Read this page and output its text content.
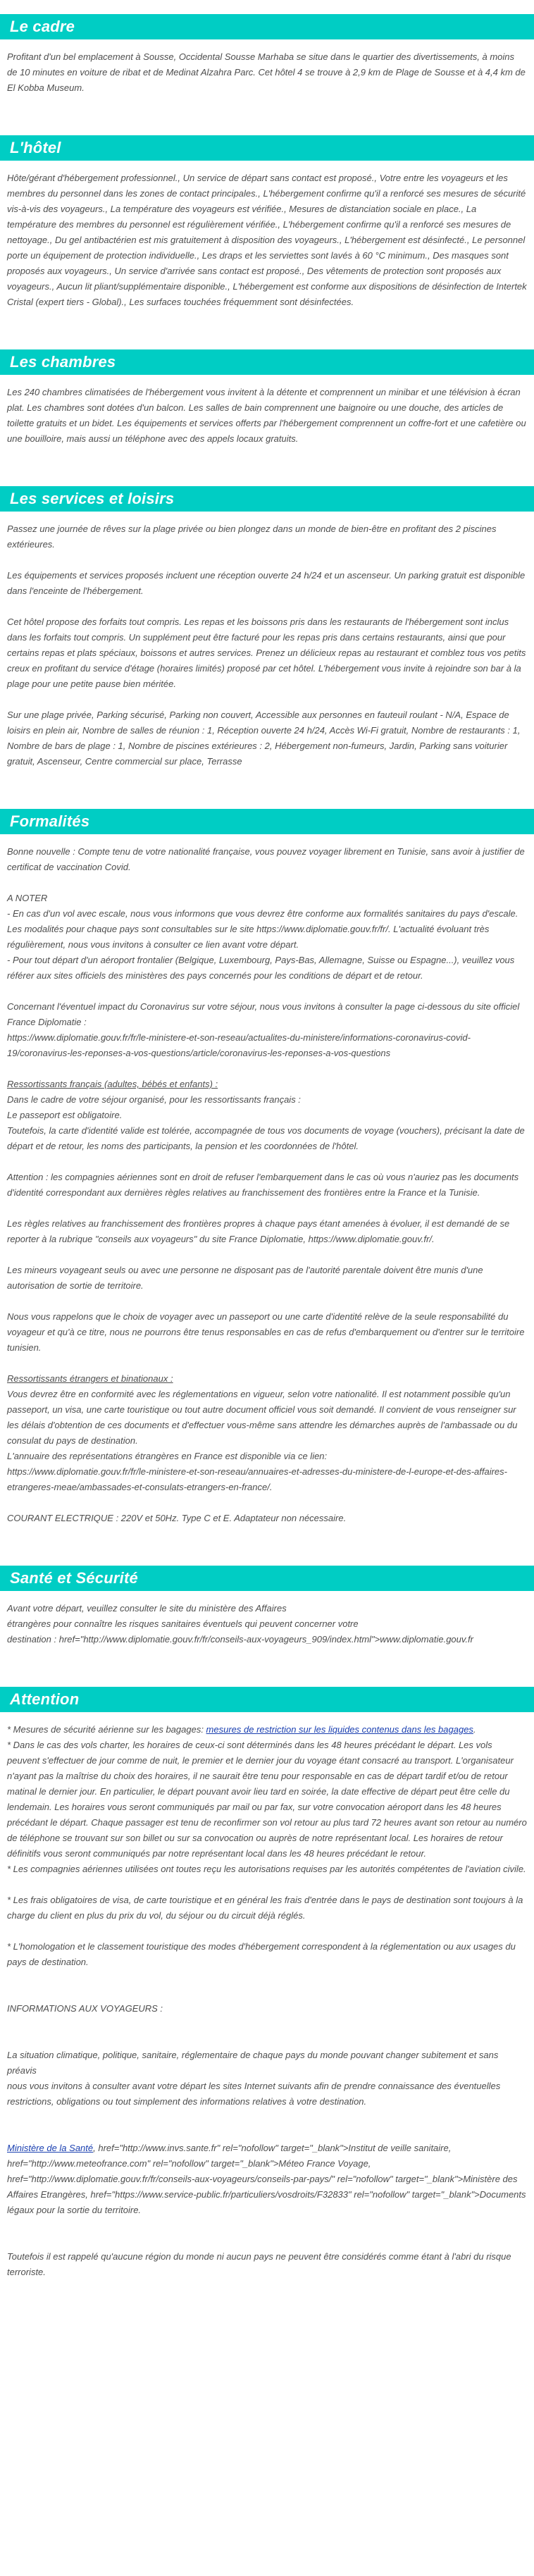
Le cadre

Profitant d'un bel emplacement à Sousse, Occidental Sousse Marhaba se situe dans le quartier des divertissements, à moins de 10 minutes en voiture de ribat et de Medinat Alzahra Parc. Cet hôtel 4 se trouve à 2,9 km de Plage de Sousse et à 4,4 km de El Kobba Museum.

L'hôtel

Hôte/gérant d'hébergement professionnel., Un service de départ sans contact est proposé., Votre entre les voyageurs et les membres du personnel dans les zones de contact principales., L'hébergement confirme qu'il a renforcé ses mesures de sécurité vis-à-vis des voyageurs., La température des voyageurs est vérifiée., Mesures de distanciation sociale en place., La température des membres du personnel est régulièrement vérifiée., L'hébergement confirme qu'il a renforcé ses mesures de nettoyage., Du gel antibactérien est mis gratuitement à disposition des voyageurs., L'hébergement est désinfecté., Le personnel porte un équipement de protection individuelle., Les draps et les serviettes sont lavés à 60 °C minimum., Des masques sont proposés aux voyageurs., Un service d'arrivée sans contact est proposé., Des vêtements de protection sont proposés aux voyageurs., Aucun lit pliant/supplémentaire disponible., L'hébergement est conforme aux dispositions de désinfection de Intertek Cristal (expert tiers - Global)., Les surfaces touchées fréquemment sont désinfectées.

Les chambres

Les 240 chambres climatisées de l'hébergement vous invitent à la détente et comprennent un minibar et une télévision à écran plat. Les chambres sont dotées d'un balcon. Les salles de bain comprennent une baignoire ou une douche, des articles de toilette gratuits et un bidet. Les équipements et services offerts par l'hébergement comprennent un coffre-fort et une cafetière ou une bouilloire, mais aussi un téléphone avec des appels locaux gratuits.

Les services et loisirs

Passez une journée de rêves sur la plage privée ou bien plongez dans un monde de bien-être en profitant des 2 piscines extérieures.

Les équipements et services proposés incluent une réception ouverte 24 h/24 et un ascenseur. Un parking gratuit est disponible dans l'enceinte de l'hébergement.

Cet hôtel propose des forfaits tout compris. Les repas et les boissons pris dans les restaurants de l'hébergement sont inclus dans les forfaits tout compris. Un supplément peut être facturé pour les repas pris dans certains restaurants, ainsi que pour certains repas et plats spéciaux, boissons et autres services. Prenez un délicieux repas au restaurant et comblez tous vos petits creux en profitant du service d'étage (horaires limités) proposé par cet hôtel. L'hébergement vous invite à rejoindre son bar à la plage pour une petite pause bien méritée.

Sur une plage privée, Parking sécurisé, Parking non couvert, Accessible aux personnes en fauteuil roulant - N/A, Espace de loisirs en plein air, Nombre de salles de réunion : 1, Réception ouverte 24 h/24, Accès Wi-Fi gratuit, Nombre de restaurants : 1, Nombre de bars de plage : 1, Nombre de piscines extérieures : 2, Hébergement non-fumeurs, Jardin, Parking sans voiturier gratuit, Ascenseur, Centre commercial sur place, Terrasse

Formalités

Bonne nouvelle : Compte tenu de votre nationalité française, vous pouvez voyager librement en Tunisie, sans avoir à justifier de certificat de vaccination Covid.

A NOTER
- En cas d'un vol avec escale, nous vous informons que vous devrez être conforme aux formalités sanitaires du pays d'escale.
Les modalités pour chaque pays sont consultables sur le site https://www.diplomatie.gouv.fr/fr/. L'actualité évoluant très régulièrement, nous vous invitons à consulter ce lien avant votre départ.
- Pour tout départ d'un aéroport frontalier (Belgique, Luxembourg, Pays-Bas, Allemagne, Suisse ou Espagne...), veuillez vous référer aux sites officiels des ministères des pays concernés pour les conditions de départ et de retour.

Concernant l'éventuel impact du Coronavirus sur votre séjour, nous vous invitons à consulter la page ci-dessous du site officiel France Diplomatie :
https://www.diplomatie.gouv.fr/fr/le-ministere-et-son-reseau/actualites-du-ministere/informations-coronavirus-covid-19/coronavirus-les-reponses-a-vos-questions/article/coronavirus-les-reponses-a-vos-questions

Ressortissants français (adultes, bébés et enfants) :
Dans le cadre de votre séjour organisé, pour les ressortissants français :
Le passeport est obligatoire.
Toutefois, la carte d'identité valide est tolérée, accompagnée de tous vos documents de voyage (vouchers), précisant la date de départ et de retour, les noms des participants, la pension et les coordonnées de l'hôtel.

Attention : les compagnies aériennes sont en droit de refuser l'embarquement dans le cas où vous n'auriez pas les documents d'identité correspondant aux dernières règles relatives au franchissement des frontières entre la France et la Tunisie.

Les règles relatives au franchissement des frontières propres à chaque pays étant amenées à évoluer, il est demandé de se reporter à la rubrique "conseils aux voyageurs" du site France Diplomatie, https://www.diplomatie.gouv.fr/.

Les mineurs voyageant seuls ou avec une personne ne disposant pas de l'autorité parentale doivent être munis d'une autorisation de sortie de territoire.

Nous vous rappelons que le choix de voyager avec un passeport ou une carte d'identité relève de la seule responsabilité du voyageur et qu'à ce titre, nous ne pourrons être tenus responsables en cas de refus d'embarquement ou d'entrer sur le territoire tunisien.

Ressortissants étrangers et binationaux :
Vous devrez être en conformité avec les réglementations en vigueur, selon votre nationalité. Il est notamment possible qu'un passeport, un visa, une carte touristique ou tout autre document officiel vous soit demandé. Il convient de vous renseigner sur les délais d'obtention de ces documents et d'effectuer vous-même sans attendre les démarches auprès de l'ambassade ou du consulat du pays de destination.
L'annuaire des représentations étrangères en France est disponible via ce lien:
https://www.diplomatie.gouv.fr/fr/le-ministere-et-son-reseau/annuaires-et-adresses-du-ministere-de-l-europe-et-des-affaires-etrangeres-meae/ambassades-et-consulats-etrangers-en-france/.

COURANT ELECTRIQUE : 220V et 50Hz. Type C et E. Adaptateur non nécessaire.

Santé et Sécurité

Avant votre départ, veuillez consulter le site du ministère des Affaires
étrangères pour connaître les risques sanitaires éventuels qui peuvent concerner votre
destination : href="http://www.diplomatie.gouv.fr/fr/conseils-aux-voyageurs_909/index.html">www.diplomatie.gouv.fr

Attention

* Mesures de sécurité aérienne sur les bagages: mesures de restriction sur les liquides contenus dans les bagages.

* Dans le cas des vols charter, les horaires de ceux-ci sont déterminés dans les 48 heures précédant le départ. Les vols peuvent s'effectuer de jour comme de nuit, le premier et le dernier jour du voyage étant consacré au transport. L'organisateur n'ayant pas la maîtrise du choix des horaires, il ne saurait être tenu pour responsable en cas de départ tardif et/ou de retour matinal le dernier jour. En particulier, le départ pouvant avoir lieu tard en soirée, la date effective de départ peut être celle du lendemain. Les horaires vous seront communiqués par mail ou par fax, sur votre convocation aéroport dans les 48 heures précédant le départ. Chaque passager est tenu de reconfirmer son vol retour au plus tard 72 heures avant son retour au numéro de téléphone se trouvant sur son billet ou sur sa convocation ou auprès de notre représentant local. Les horaires de retour définitifs vous seront communiqués par notre représentant local dans les 48 heures précédant le retour.
* Les compagnies aériennes utilisées ont toutes reçu les autorisations requises par les autorités compétentes de l'aviation civile.

* Les frais obligatoires de visa, de carte touristique et en général les frais d'entrée dans le pays de destination sont toujours à la charge du client en plus du prix du vol, du séjour ou du circuit déjà réglés.

* L'homologation et le classement touristique des modes d'hébergement correspondent à la réglementation ou aux usages du pays de destination.

INFORMATIONS AUX VOYAGEURS :

La situation climatique, politique, sanitaire, réglementaire de chaque pays du monde pouvant changer subitement et sans préavis
nous vous invitons à consulter avant votre départ les sites Internet suivants afin de prendre connaissance des éventuelles restrictions, obligations ou tout simplement des informations relatives à votre destination.

Ministère de la Santé, href="http://www.invs.sante.fr" rel="nofollow" target="_blank">Institut de veille sanitaire, href="http://www.meteofrance.com" rel="nofollow" target="_blank">Méteo France Voyage, href="http://www.diplomatie.gouv.fr/fr/conseils-aux-voyageurs/conseils-par-pays/" rel="nofollow" target="_blank">Ministère des Affaires Etrangères, href="https://www.service-public.fr/particuliers/vosdroits/F32833" rel="nofollow" target="_blank">Documents légaux pour la sortie du territoire.

Toutefois il est rappelé qu'aucune région du monde ni aucun pays ne peuvent être considérés comme étant à l'abri du risque terroriste.
